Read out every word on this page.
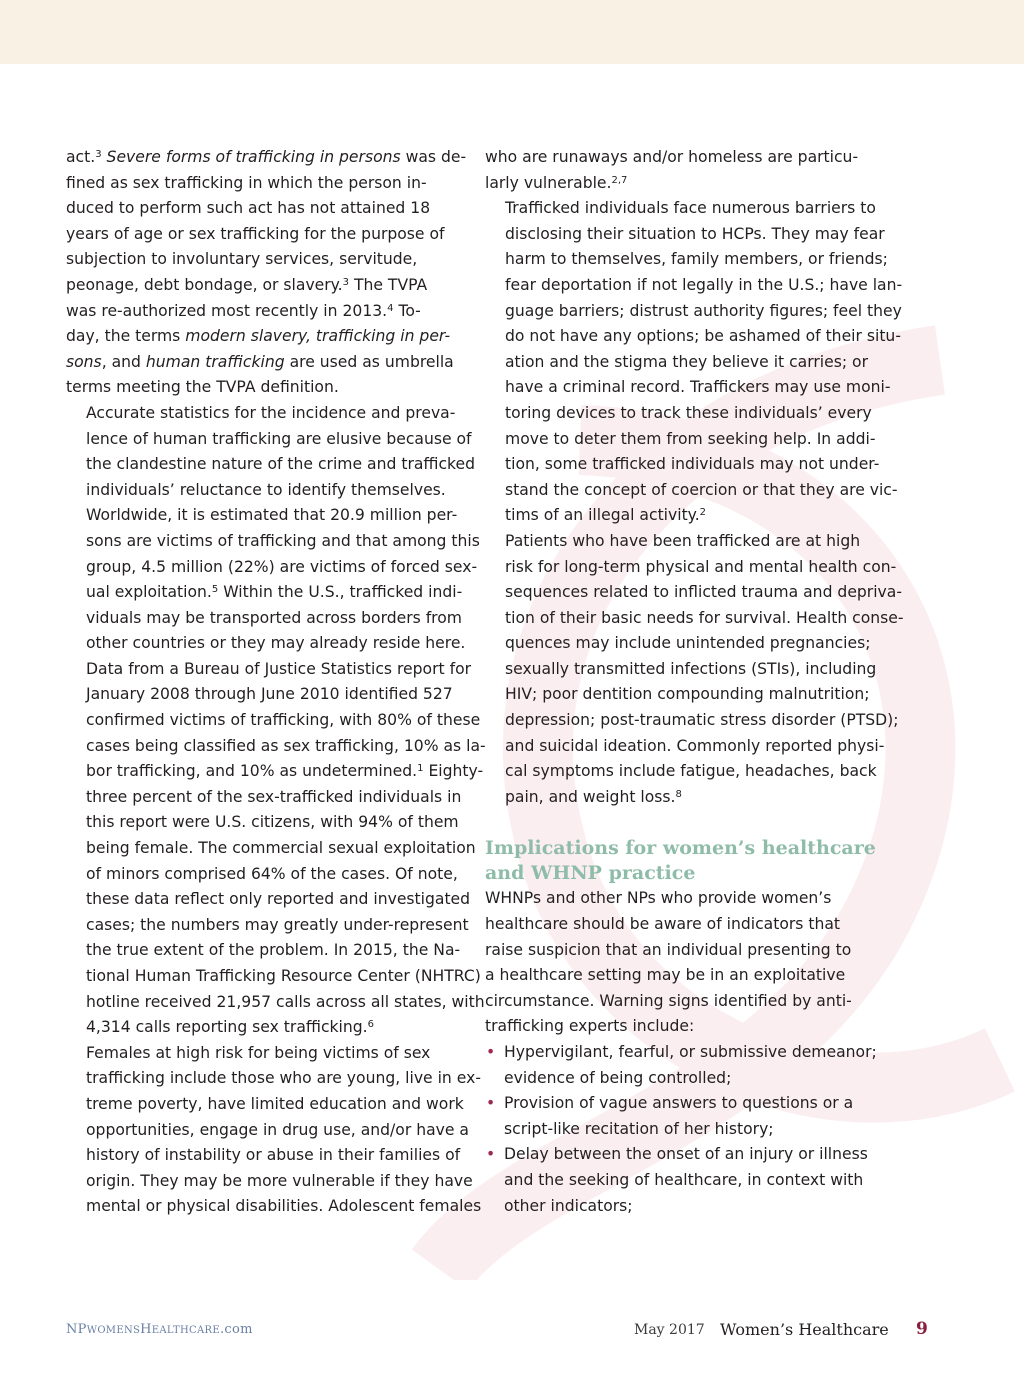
act.$^3$ Severe forms of trafficking in persons was de-
fined as sex trafficking in which the person in-
duced to perform such act has not attained 18
years of age or sex trafficking for the purpose of
subjection to involuntary services, servitude,
peonage, debt bondage, or slavery.$^3$ The TVPA
was re-authorized most recently in 2013.$^4$ To-
day, the terms modern slavery, trafficking in per-
sons, and human trafficking are used as umbrella
terms meeting the TVPA definition.

Accurate statistics for the incidence and preva-
lence of human trafficking are elusive because of
the clandestine nature of the crime and trafficked
individuals’ reluctance to identify themselves.
Worldwide, it is estimated that 20.9 million per-
sons are victims of trafficking and that among this
group, 4.5 million (22%) are victims of forced sex-
ual exploitation.$^5$ Within the U.S., trafficked indi-
viduals may be transported across borders from
other countries or they may already reside here.
Data from a Bureau of Justice Statistics report for
January 2008 through June 2010 identified 527
confirmed victims of trafficking, with 80% of these
cases being classified as sex trafficking, 10% as la-
bor trafficking, and 10% as undetermined.$^1$ Eighty-
three percent of the sex-trafficked individuals in
this report were U.S. citizens, with 94% of them
being female. The commercial sexual exploitation
of minors comprised 64% of the cases. Of note,
these data reflect only reported and investigated
cases; the numbers may greatly under-represent
the true extent of the problem. In 2015, the Na-
tional Human Trafficking Resource Center (NHTRC)
hotline received 21,957 calls across all states, with
4,314 calls reporting sex trafficking.$^6$

Females at high risk for being victims of sex
trafficking include those who are young, live in ex-
treme poverty, have limited education and work
opportunities, engage in drug use, and/or have a
history of instability or abuse in their families of
origin. They may be more vulnerable if they have
mental or physical disabilities. Adolescent females

who are runaways and/or homeless are particu-
larly vulnerable.$^{2,7}$

Trafficked individuals face numerous barriers to
disclosing their situation to HCPs. They may fear
harm to themselves, family members, or friends;
fear deportation if not legally in the U.S.; have lan-
guage barriers; distrust authority figures; feel they
do not have any options; be ashamed of their situ-
ation and the stigma they believe it carries; or
have a criminal record. Traffickers may use moni-
toring devices to track these individuals’ every
move to deter them from seeking help. In addi-
tion, some trafficked individuals may not under-
stand the concept of coercion or that they are vic-
tims of an illegal activity.$^2$

Patients who have been trafficked are at high
risk for long-term physical and mental health con-
sequences related to inflicted trauma and depriva-
tion of their basic needs for survival. Health conse-
quences may include unintended pregnancies;
sexually transmitted infections (STIs), including
HIV; poor dentition compounding malnutrition;
depression; post-traumatic stress disorder (PTSD);
and suicidal ideation. Commonly reported physi-
cal symptoms include fatigue, headaches, back
pain, and weight loss.$^8$

Implications for women’s healthcare
and WHNP practice

WHNPs and other NPs who provide women’s
healthcare should be aware of indicators that
raise suspicion that an individual presenting to
a healthcare setting may be in an exploitative
circumstance. Warning signs identified by anti-
trafficking experts include:

• Hypervigilant, fearful, or submissive demeanor;
evidence of being controlled;
• Provision of vague answers to questions or a
script-like recitation of her history;
• Delay between the onset of an injury or illness
and the seeking of healthcare, in context with
other indicators;
NPWOMENSHEALTHCARE.com	May 2017 Women’s Healthcare 9
